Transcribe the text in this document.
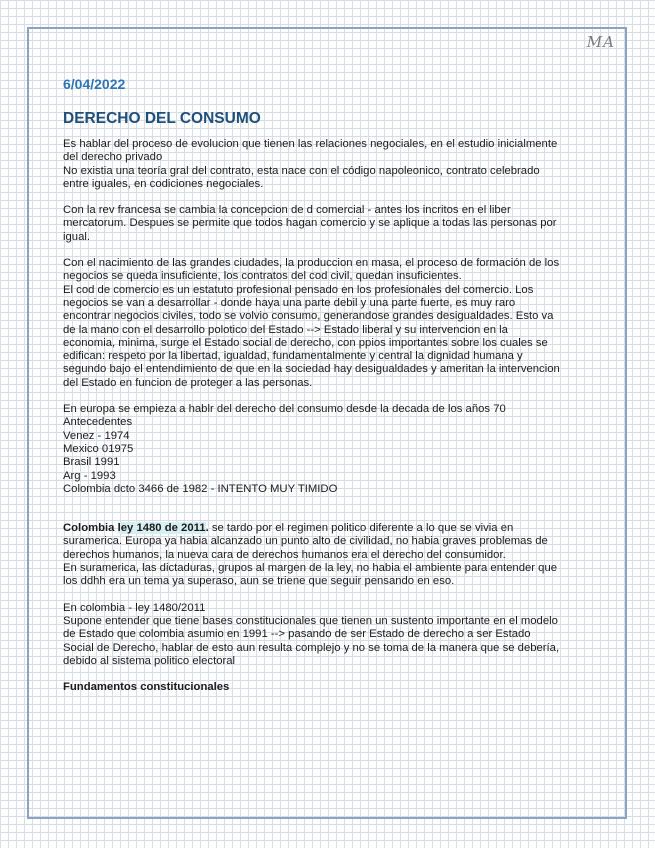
MA
6/04/2022
DERECHO DEL CONSUMO
Es hablar del proceso de evolucion que tienen las relaciones negociales, en el estudio inicialmente del derecho privado
No existia una teoría gral del contrato, esta nace con el código napoleonico, contrato celebrado entre iguales, en codiciones negociales.
Con la rev francesa se cambia la concepcion de d comercial - antes los incritos en el liber mercatorum. Despues se permite que todos hagan comercio y se aplique a todas las personas por igual.
Con el nacimiento de las grandes ciudades, la produccion en masa, el proceso de formación de los negocios se queda insuficiente, los contratos del cod civil, quedan insuficientes.
El cod de comercio es un estatuto profesional pensado en los profesionales del comercio. Los negocios se van a desarrollar - donde haya una parte debil y una parte fuerte, es muy raro encontrar negocios civiles, todo se volvio consumo, generandose grandes desigualdades. Esto va de la mano con el desarrollo polotico del Estado --> Estado liberal y su intervencion en la economia, minima, surge el Estado social de derecho, con ppios importantes sobre los cuales se edifican: respeto por la libertad, igualdad, fundamentalmente y central la dignidad humana y segundo bajo el entendimiento de que en la sociedad hay desigualdades y ameritan la intervencion del Estado en funcion de proteger a las personas.
En europa se empieza a hablr del derecho del consumo desde la decada de los años 70
Antecedentes
Venez - 1974
Mexico 01975
Brasil 1991
Arg - 1993
Colombia dcto 3466 de 1982 - INTENTO MUY TIMIDO
Colombia ley 1480 de 2011. se tardo por el regimen politico diferente a lo que se vivia en suramerica. Europa ya habia alcanzado un punto alto de civilidad, no habia graves problemas de derechos humanos, la nueva cara de derechos humanos era el derecho del consumidor.
En suramerica, las dictaduras, grupos al margen de la ley, no habia el ambiente para entender que los ddhh era un tema ya superaso, aun se triene que seguir pensando en eso.
En colombia - ley 1480/2011
Supone entender que tiene bases constitucionales que tienen un sustento importante en el modelo de Estado que colombia asumio en 1991 --> pasando de ser Estado de derecho a ser Estado Social de Derecho, hablar de esto aun resulta complejo y no se toma de la manera que se debería, debido al sistema politico electoral
Fundamentos constitucionales
